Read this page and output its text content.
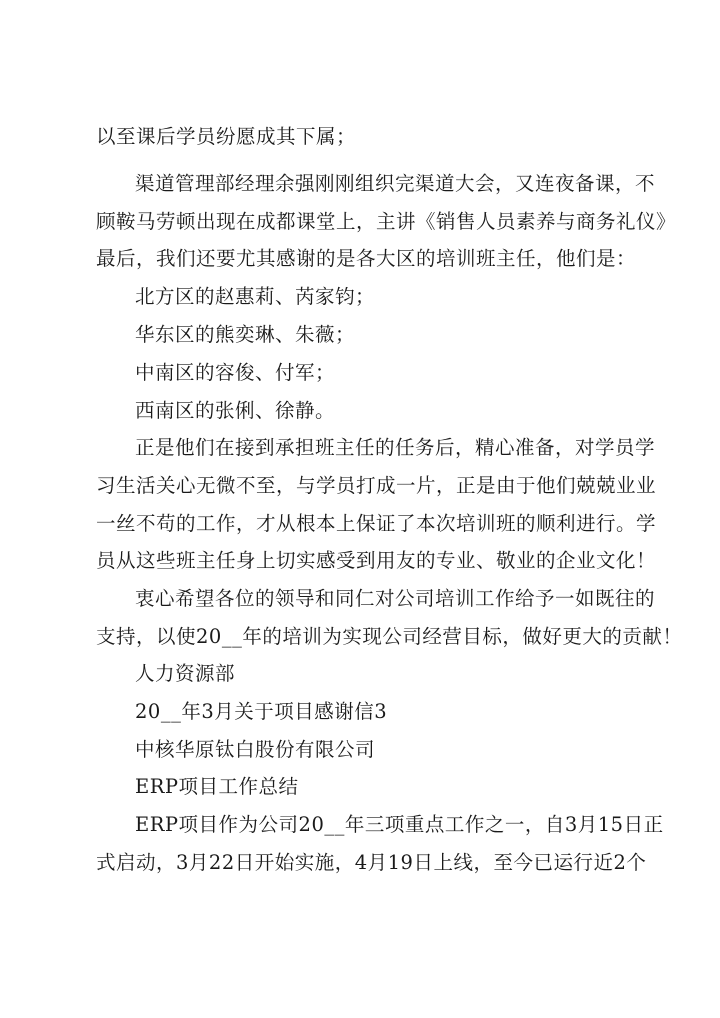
以至课后学员纷愿成其下属；
渠道管理部经理余强刚刚组织完渠道大会，又连夜备课，不
顾鞍马劳顿出现在成都课堂上，主讲《销售人员素养与商务礼仪》
最后，我们还要尤其感谢的是各大区的培训班主任，他们是：
北方区的赵惠莉、芮家钧；
华东区的熊奕琳、朱薇；
中南区的容俊、付军；
西南区的张俐、徐静。
正是他们在接到承担班主任的任务后，精心准备，对学员学
习生活关心无微不至，与学员打成一片，正是由于他们兢兢业业
一丝不苟的工作，才从根本上保证了本次培训班的顺利进行。学
员从这些班主任身上切实感受到用友的专业、敬业的企业文化！
衷心希望各位的领导和同仁对公司培训工作给予一如既往的
支持，以使20__年的培训为实现公司经营目标，做好更大的贡献！
人力资源部
20__年3月关于项目感谢信3
中核华原钛白股份有限公司
ERP项目工作总结
ERP项目作为公司20__年三项重点工作之一，自3月15日正
式启动，3月22日开始实施，4月19日上线，至今已运行近2个
